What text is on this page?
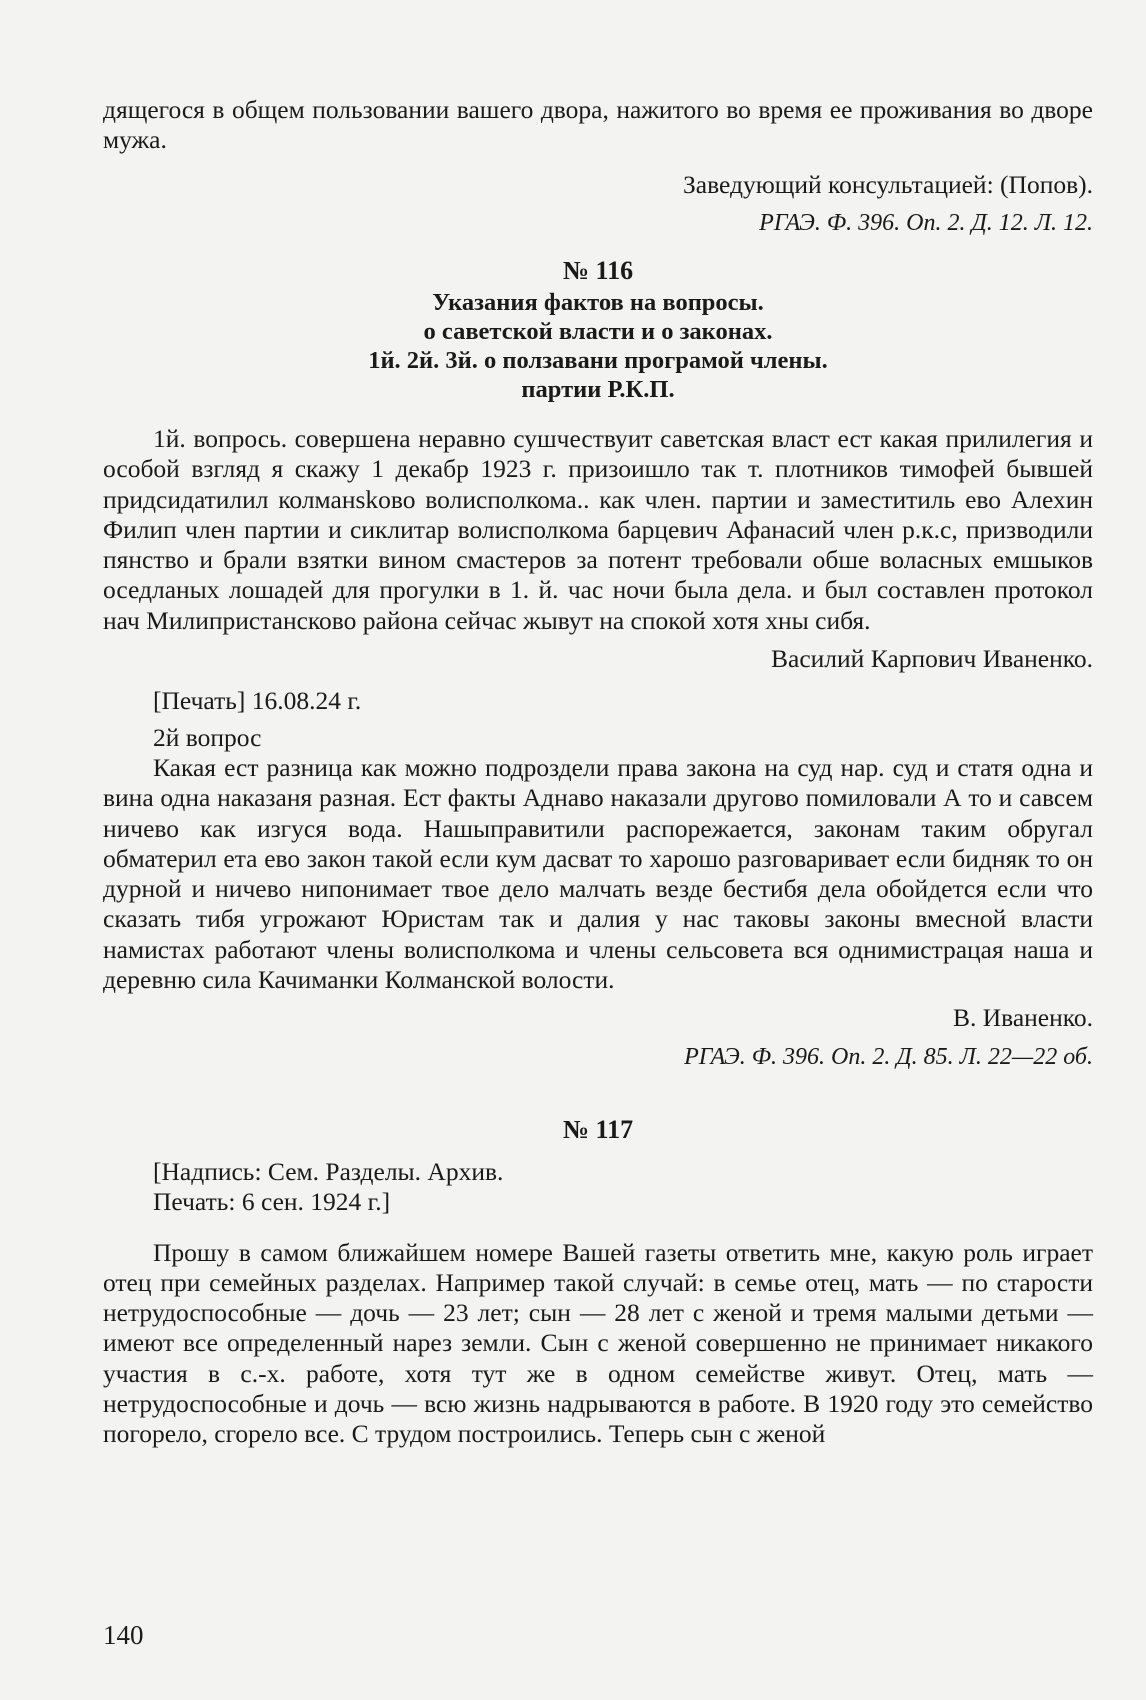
дящегося в общем пользовании вашего двора, нажитого во время ее проживания во дворе мужа.

Заведующий консультацией: (Попов).

РГАЭ. Ф. 396. Оп. 2. Д. 12. Л. 12.

№ 116

Указания фактов на вопросы.

о саветской власти и о законах.

1й. 2й. 3й. о ползавани програмой члены.

партии Р.К.П.

1й. вопрось. совершена неравно сушчествуит саветская власт ест какая прилилегия и особой взгляд я скажу 1 декабр 1923 г. призоишло так т. плотников тимофей бывшей придсидатилил колманskово волисполкома.. как член. партии и заместитиль ево Алехин Филип член партии и сиклитар волисполкома барцевич Афанасий член р.к.с, призводили пянство и брали взятки вином смастеров за потент требовали обше воласных емшыков оседланых лошадей для прогулки в 1. й. час ночи была дела. и был составлен протокол нач Милипристансково района сейчас жывут на спокой хотя хны сибя.

Василий Карпович Иваненко.

[Печать] 16.08.24 г.

2й вопрос

Какая ест разница как можно подроздели права закона на суд нар. суд и статя одна и вина одна наказаня разная. Ест факты Аднаво наказали другово помиловали А то и савсем ничево как изгуся вода. Нашыправитили распорежается, законам таким обругал обматерил ета ево закон такой если кум дасват то харошо разговаривает если бидняк то он дурной и ничево нипонимает твое дело малчать везде бестибя дела обойдется если что сказать тибя угрожают Юристам так и далия у нас таковы законы вмесной власти намистах работают члены волисполкома и члены сельсовета вся однимистрацая наша и деревню сила Качиманки Колманской волости.

В. Иваненко.

РГАЭ. Ф. 396. Оп. 2. Д. 85. Л. 22—22 об.

№ 117

[Надпись: Сем. Разделы. Архив.

Печать: 6 сен. 1924 г.]

Прошу в самом ближайшем номере Вашей газеты ответить мне, какую роль играет отец при семейных разделах. Например такой случай: в семье отец, мать — по старости нетрудоспособные — дочь — 23 лет; сын — 28 лет с женой и тремя малыми детьми — имеют все определенный нарез земли. Сын с женой совершенно не принимает никакого участия в с.-х. работе, хотя тут же в одном семействе живут. Отец, мать — нетрудоспособные и дочь — всю жизнь надрываются в работе. В 1920 году это семейство погорело, сгорело все. С трудом построились. Теперь сын с женой

140
